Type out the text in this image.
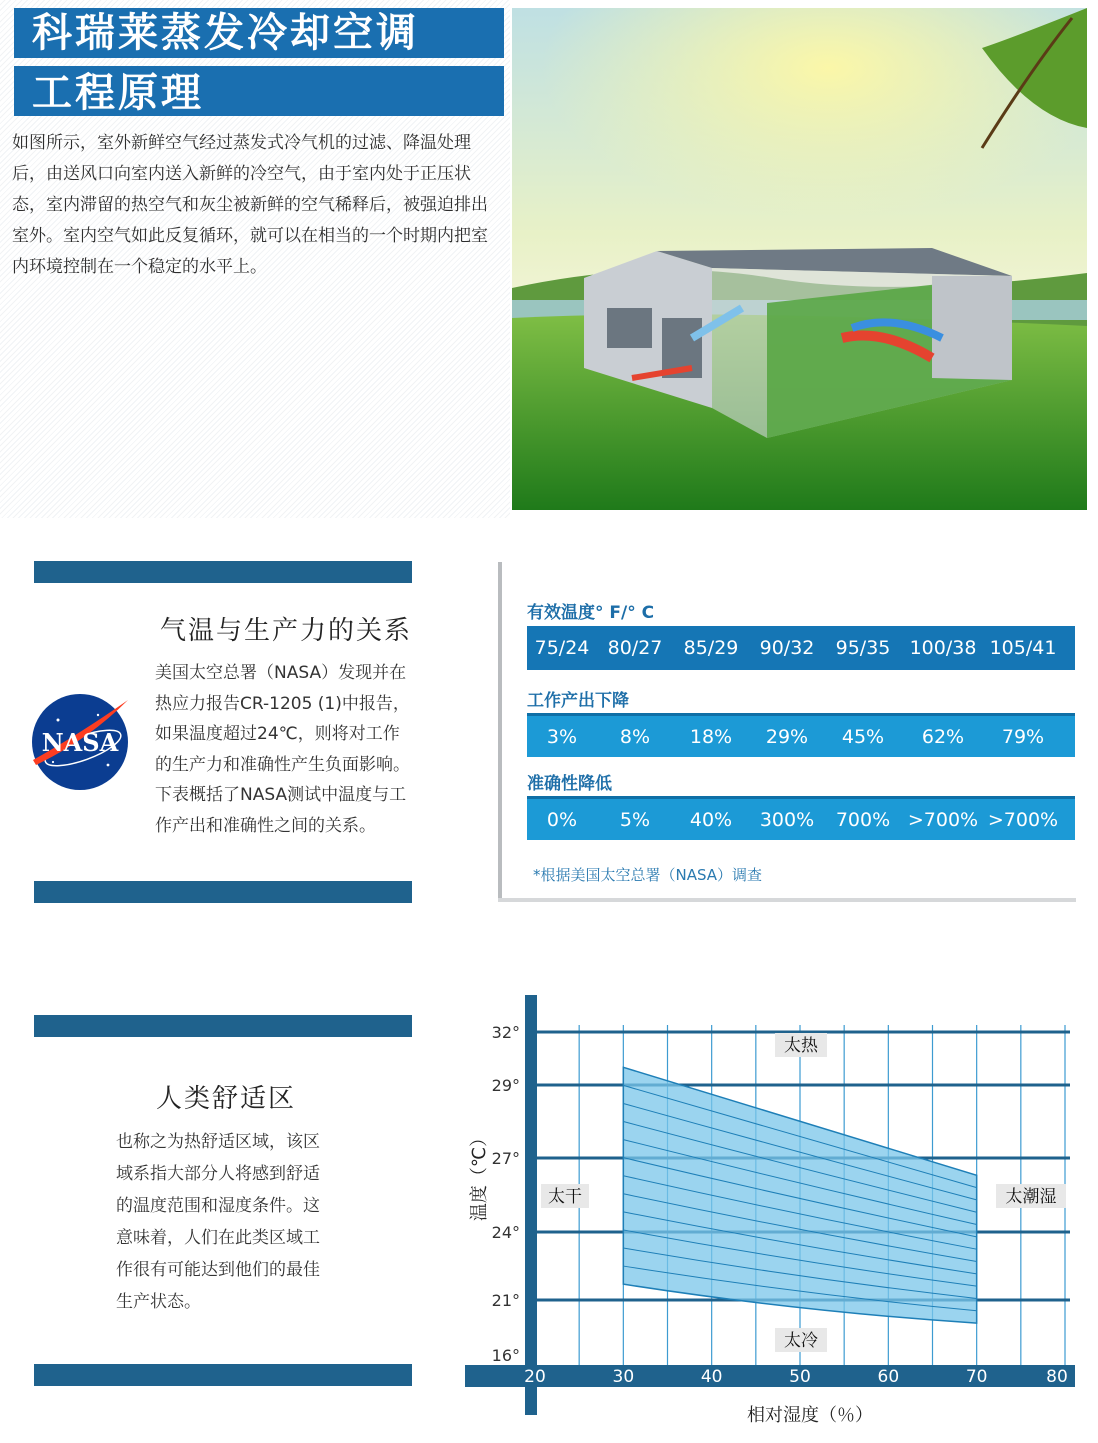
科瑞莱蒸发冷却空调
工程原理
如图所示，室外新鲜空气经过蒸发式冷气机的过滤、降温处理后，由送风口向室内送入新鲜的冷空气，由于室内处于正压状态，室内滞留的热空气和灰尘被新鲜的空气稀释后，被强迫排出室外。室内空气如此反复循环，就可以在相当的一个时期内把室内环境控制在一个稳定的水平上。
气温与生产力的关系
NASA
美国太空总署（NASA）发现并在热应力报告CR-1205 (1)中报告，如果温度超过24℃，则将对工作的生产力和准确性产生负面影响。下表概括了NASA测试中温度与工作产出和准确性之间的关系。
有效温度° F/° C
75/24 80/27	85/29	90/32	95/35	100/38 105/41
工作产出下降
3%	8%	18%	29%	45%	62%	79%
准确性降低
0%	5%	40%	300%	700% >700% >700%
*根据美国太空总署（NASA）调查
人类舒适区
也称之为热舒适区域，该区域系指大部分人将感到舒适的温度范围和湿度条件。这意味着，人们在此类区域工作很有可能达到他们的最佳生产状态。
32°
29°
27°
24°
21°
16°
20	30	40	50	60	70	80
相对湿度（％）
温度（℃）
太热
太干	太潮湿
太冷
